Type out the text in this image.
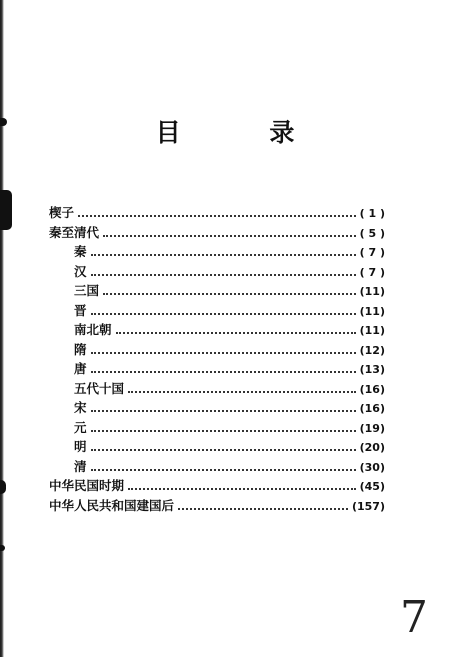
目 录
楔子	( 1 )
秦至清代	( 5 )
秦	( 7 )
汉	( 7 )
三国	(11)
晋	(11)
南北朝	(11)
隋	(12)
唐	(13)
五代十国	(16)
宋	(16)
元	(19)
明	(20)
清	(30)
中华民国时期	(45)
中华人民共和国建国后	(157)
7
